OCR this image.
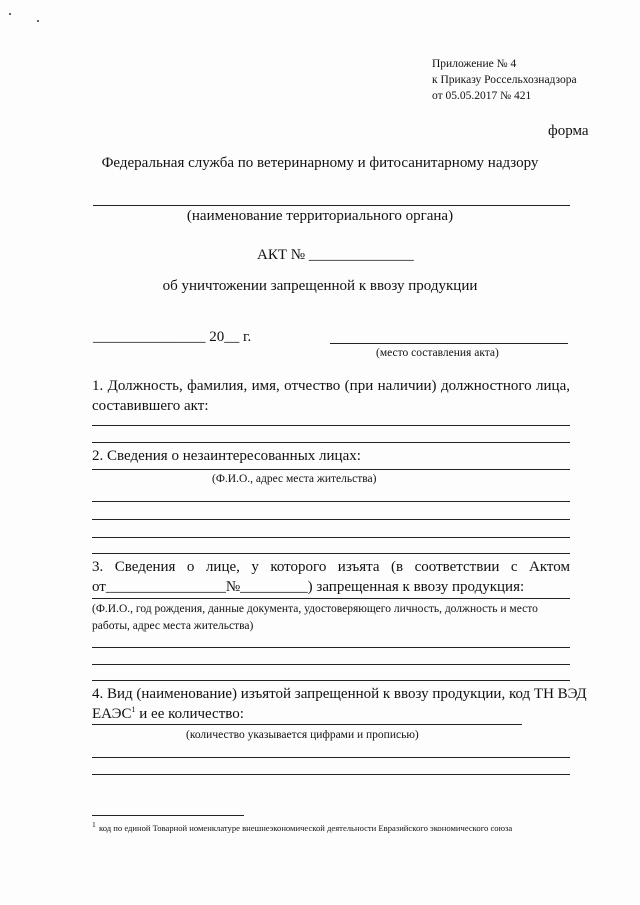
Приложение № 4
к Приказу Россельхознадзора
от 05.05.2017 № 421
форма
Федеральная служба по ветеринарному и фитосанитарному надзору
(наименование территориального органа)
АКТ № ______________
об уничтожении запрещенной к ввозу продукции
_______________ 20__ г.
(место составления акта)
1. Должность, фамилия, имя, отчество (при наличии) должностного лица,
составившего акт:
2. Сведения о незаинтересованных лицах:
(Ф.И.О., адрес места жительства)
3. Сведения о лице, у которого изъята (в соответствии с Актом
от________________№_________) запрещенная к ввозу продукция:
(Ф.И.О., год рождения, данные документа, удостоверяющего личность, должность и место
работы, адрес места жительства)
4. Вид (наименование) изъятой запрещенной к ввозу продукции, код ТН ВЭД
ЕАЭС$^1$ и ее количество:
(количество указывается цифрами и прописью)
1 код по единой Товарной номенклатуре внешнеэкономической деятельности Евразийского экономического союза
